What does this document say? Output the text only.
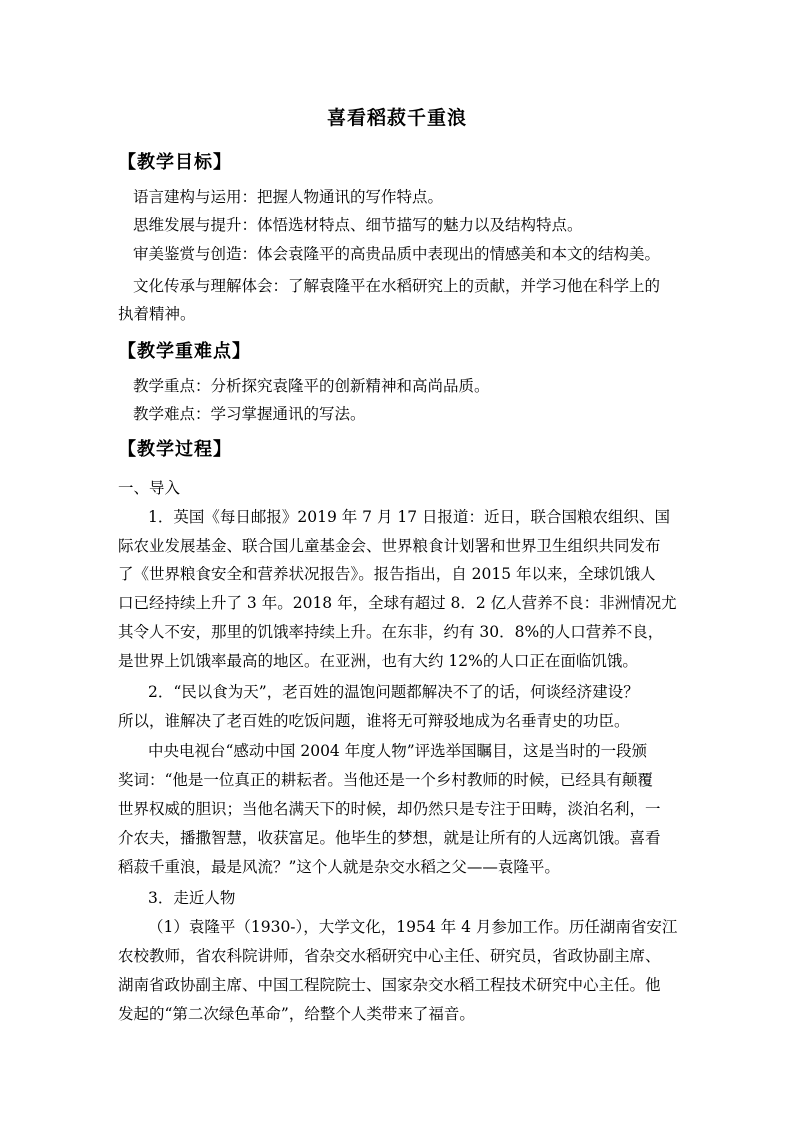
喜看稻菽千重浪
【教学目标】
语言建构与运用：把握人物通讯的写作特点。
思维发展与提升：体悟选材特点、细节描写的魅力以及结构特点。
审美鉴赏与创造：体会袁隆平的高贵品质中表现出的情感美和本文的结构美。
文化传承与理解体会：了解袁隆平在水稻研究上的贡献，并学习他在科学上的
执着精神。
【教学重难点】
教学重点：分析探究袁隆平的创新精神和高尚品质。
教学难点：学习掌握通讯的写法。
【教学过程】
一、导入
1．英国《每日邮报》2019 年 7 月 17 日报道：近日，联合国粮农组织、国
际农业发展基金、联合国儿童基金会、世界粮食计划署和世界卫生组织共同发布
了《世界粮食安全和营养状况报告》。报告指出，自 2015 年以来，全球饥饿人
口已经持续上升了 3 年。2018 年，全球有超过 8．2 亿人营养不良：非洲情况尤
其令人不安，那里的饥饿率持续上升。在东非，约有 30．8%的人口营养不良，
是世界上饥饿率最高的地区。在亚洲，也有大约 12%的人口正在面临饥饿。
2．“民以食为天”，老百姓的温饱问题都解决不了的话，何谈经济建设？
所以，谁解决了老百姓的吃饭问题，谁将无可辩驳地成为名垂青史的功臣。
中央电视台“感动中国 2004 年度人物”评选举国瞩目，这是当时的一段颁
奖词：“他是一位真正的耕耘者。当他还是一个乡村教师的时候，已经具有颠覆
世界权威的胆识；当他名满天下的时候，却仍然只是专注于田畴，淡泊名利，一
介农夫，播撒智慧，收获富足。他毕生的梦想，就是让所有的人远离饥饿。喜看
稻菽千重浪，最是风流？”这个人就是杂交水稻之父——袁隆平。
3．走近人物
（1）袁隆平（1930-），大学文化，1954 年 4 月参加工作。历任湖南省安江
农校教师，省农科院讲师，省杂交水稻研究中心主任、研究员，省政协副主席、
湖南省政协副主席、中国工程院院士、国家杂交水稻工程技术研究中心主任。他
发起的“第二次绿色革命”，给整个人类带来了福音。
